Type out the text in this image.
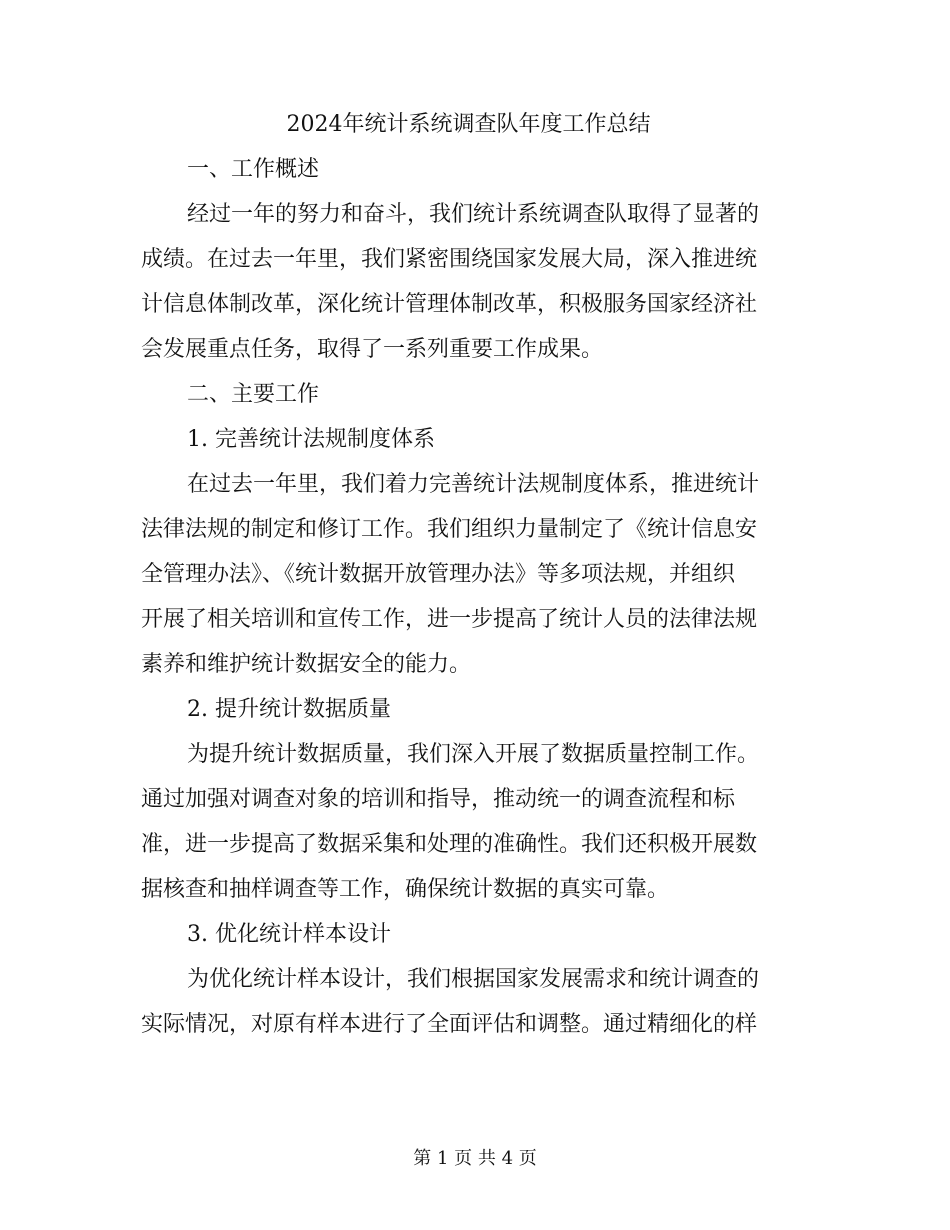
2024年统计系统调查队年度工作总结

一、工作概述

经过一年的努力和奋斗，我们统计系统调查队取得了显著的

成绩。在过去一年里，我们紧密围绕国家发展大局，深入推进统

计信息体制改革，深化统计管理体制改革，积极服务国家经济社

会发展重点任务，取得了一系列重要工作成果。

二、主要工作

1. 完善统计法规制度体系

在过去一年里，我们着力完善统计法规制度体系，推进统计

法律法规的制定和修订工作。我们组织力量制定了《统计信息安

全管理办法》、《统计数据开放管理办法》等多项法规，并组织

开展了相关培训和宣传工作，进一步提高了统计人员的法律法规

素养和维护统计数据安全的能力。

2. 提升统计数据质量

为提升统计数据质量，我们深入开展了数据质量控制工作。

通过加强对调查对象的培训和指导，推动统一的调查流程和标

准，进一步提高了数据采集和处理的准确性。我们还积极开展数

据核查和抽样调查等工作，确保统计数据的真实可靠。

3. 优化统计样本设计

为优化统计样本设计，我们根据国家发展需求和统计调查的

实际情况，对原有样本进行了全面评估和调整。通过精细化的样

第 1 页 共 4 页
